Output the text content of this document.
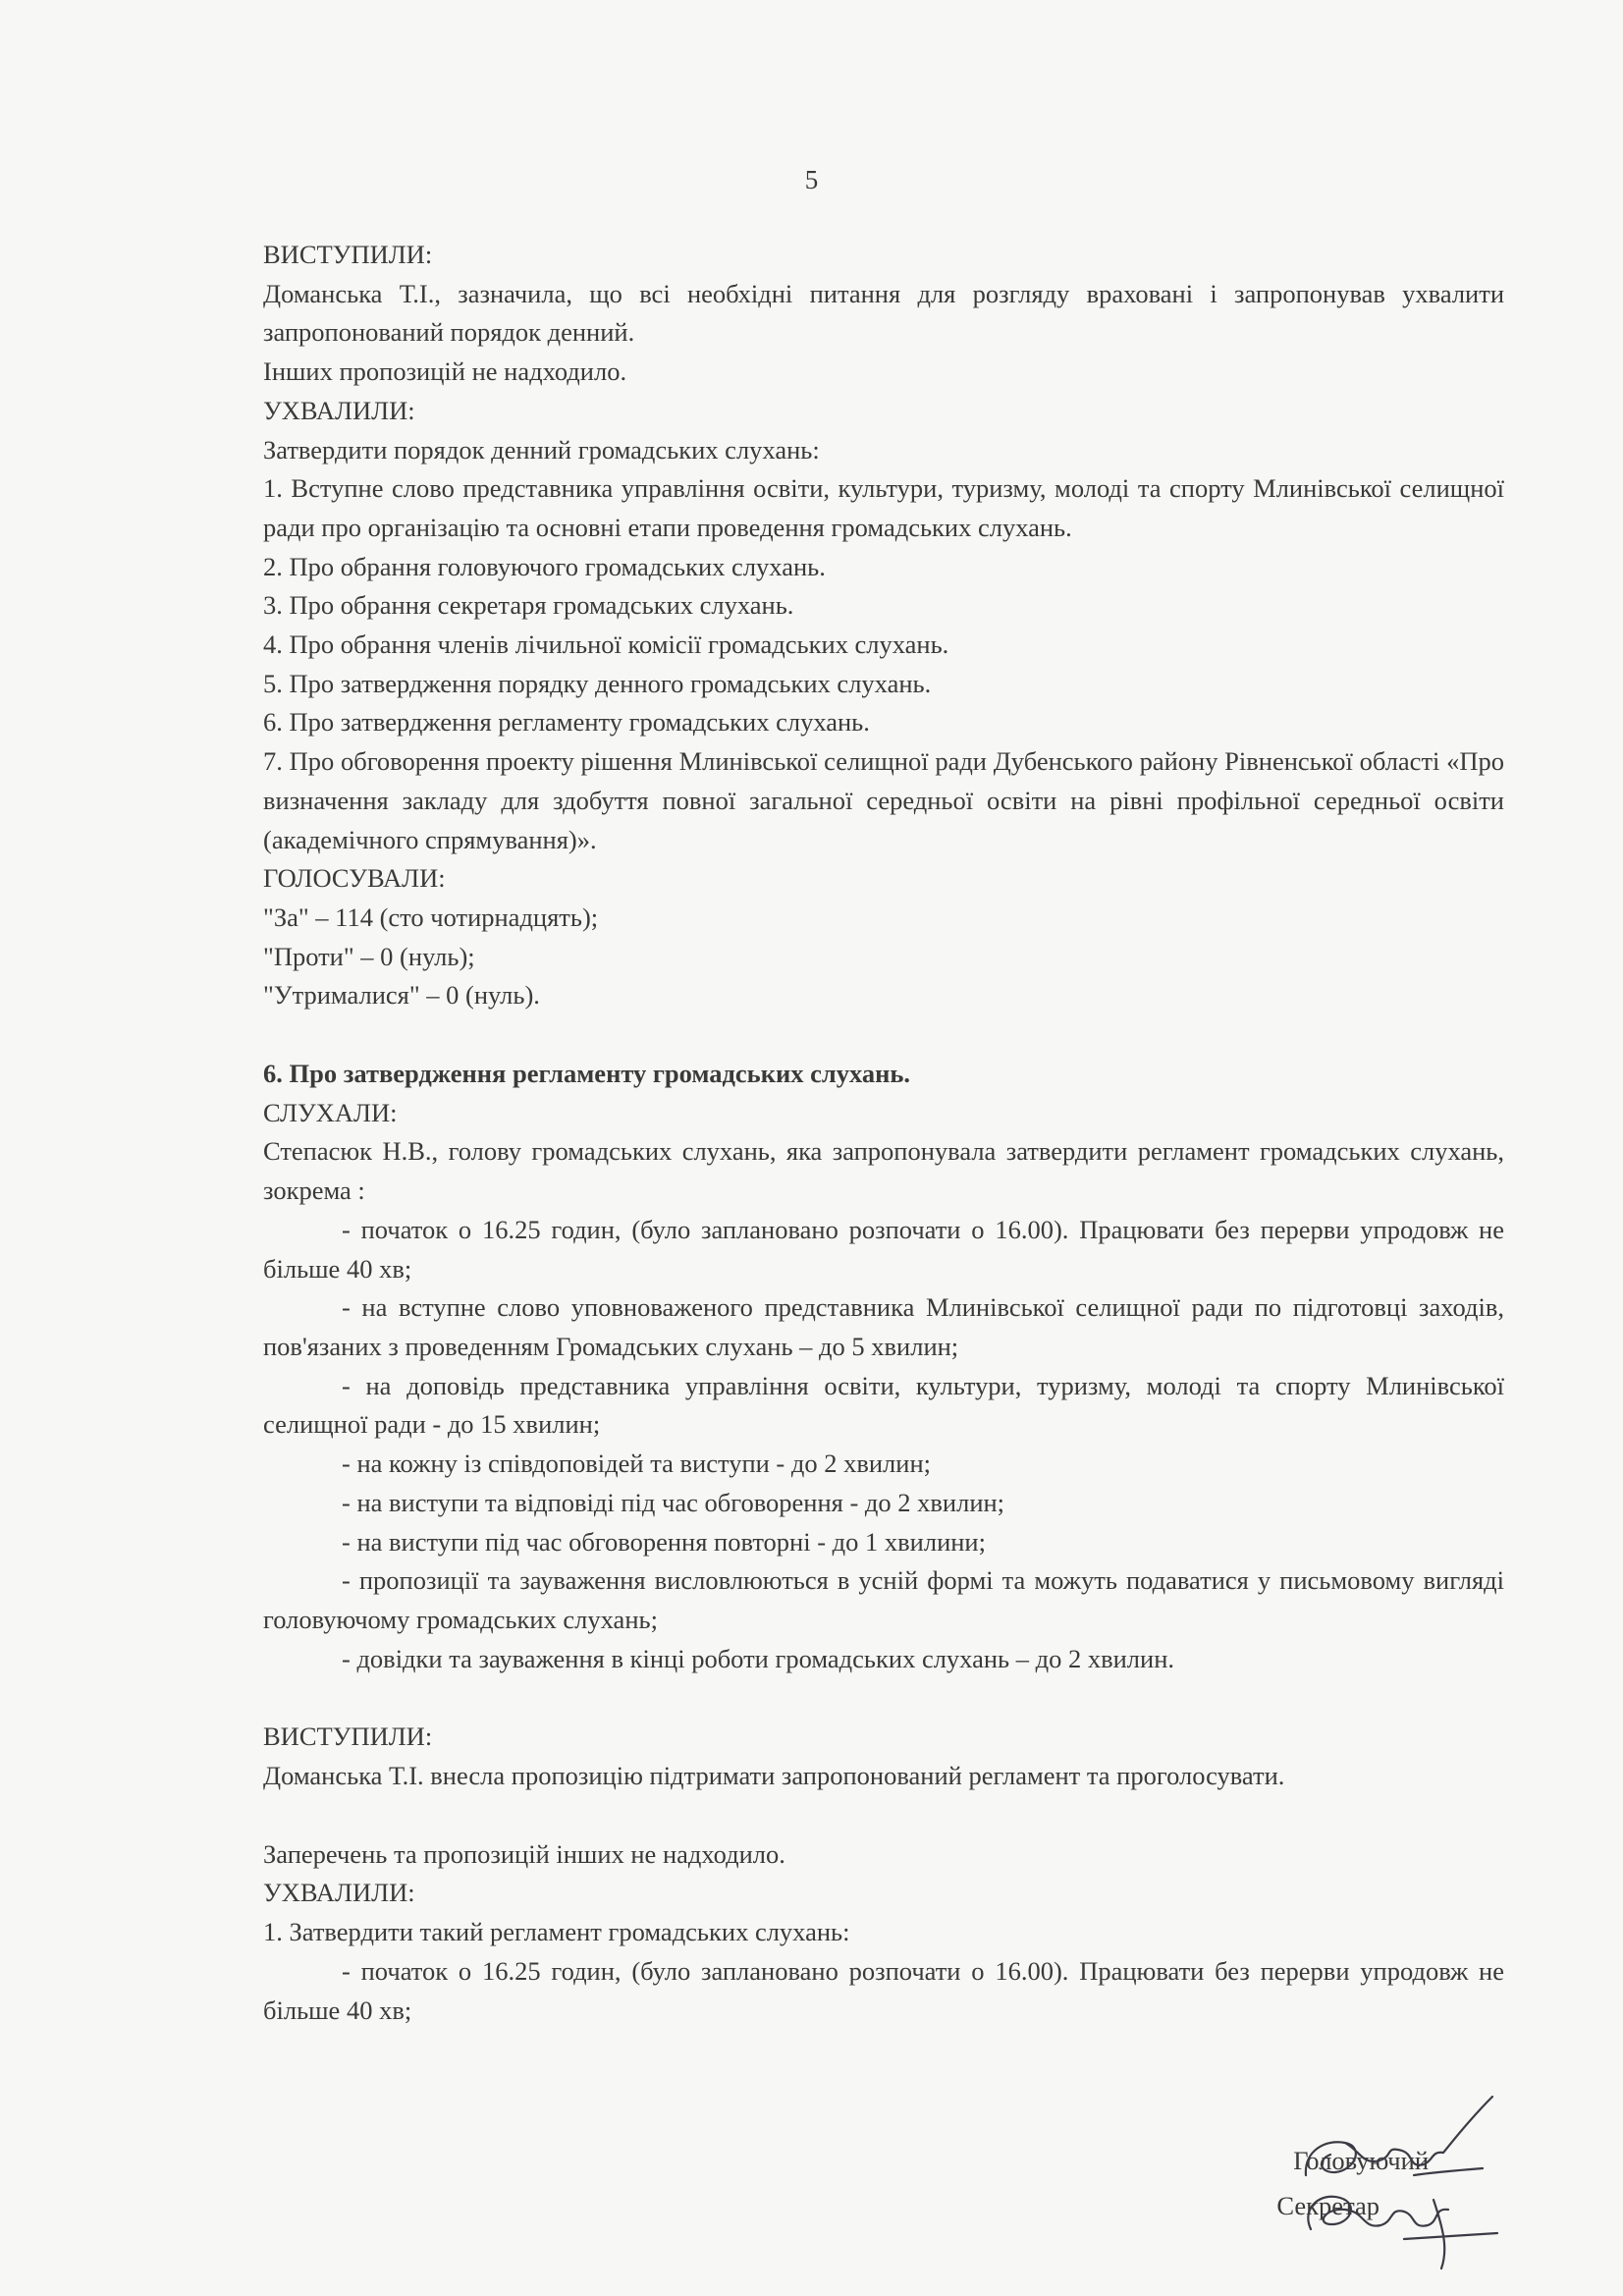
5

ВИСТУПИЛИ:

Доманська Т.І., зазначила, що всі необхідні питання для розгляду враховані і запропонував ухвалити запропонований порядок денний.

Інших пропозицій не надходило.

УХВАЛИЛИ:

Затвердити порядок денний громадських слухань:

1. Вступне слово представника управління освіти, культури, туризму, молоді та спорту Млинівської селищної ради про організацію та основні етапи проведення громадських слухань.

2. Про обрання головуючого громадських слухань.

3. Про обрання секретаря громадських слухань.

4. Про обрання членів лічильної комісії громадських слухань.

5. Про затвердження порядку денного громадських слухань.

6. Про затвердження регламенту громадських слухань.

7. Про обговорення проекту рішення Млинівської селищної ради Дубенського району Рівненської області «Про визначення закладу для здобуття повної загальної середньої освіти на рівні профільної середньої освіти (академічного спрямування)».

ГОЛОСУВАЛИ:

"За" – 114 (сто чотирнадцять);

"Проти" – 0 (нуль);

"Утрималися" – 0 (нуль).

6. Про затвердження регламенту громадських слухань.

СЛУХАЛИ:

Степасюк Н.В., голову громадських слухань, яка запропонувала затвердити регламент громадських слухань, зокрема :

- початок о 16.25 годин, (було заплановано розпочати о 16.00). Працювати без перерви упродовж не більше 40 хв;

- на вступне слово уповноваженого представника Млинівської селищної ради по підготовці заходів, пов'язаних з проведенням Громадських слухань – до 5 хвилин;

- на доповідь представника управління освіти, культури, туризму, молоді та спорту Млинівської селищної ради - до 15 хвилин;

- на кожну із співдоповідей та виступи - до 2 хвилин;

- на виступи та відповіді під час обговорення - до 2 хвилин;

- на виступи під час обговорення повторні - до 1 хвилини;

- пропозиції та зауваження висловлюються в усній формі та можуть подаватися у письмовому вигляді головуючому громадських слухань;

- довідки та зауваження в кінці роботи громадських слухань – до 2 хвилин.

ВИСТУПИЛИ:

Доманська Т.І. внесла пропозицію підтримати запропонований регламент та проголосувати.

Заперечень та пропозицій інших не надходило.

УХВАЛИЛИ:

1. Затвердити такий регламент громадських слухань:

- початок о 16.25 годин, (було заплановано розпочати о 16.00). Працювати без перерви упродовж не більше 40 хв;

Головуючий
Секретар
